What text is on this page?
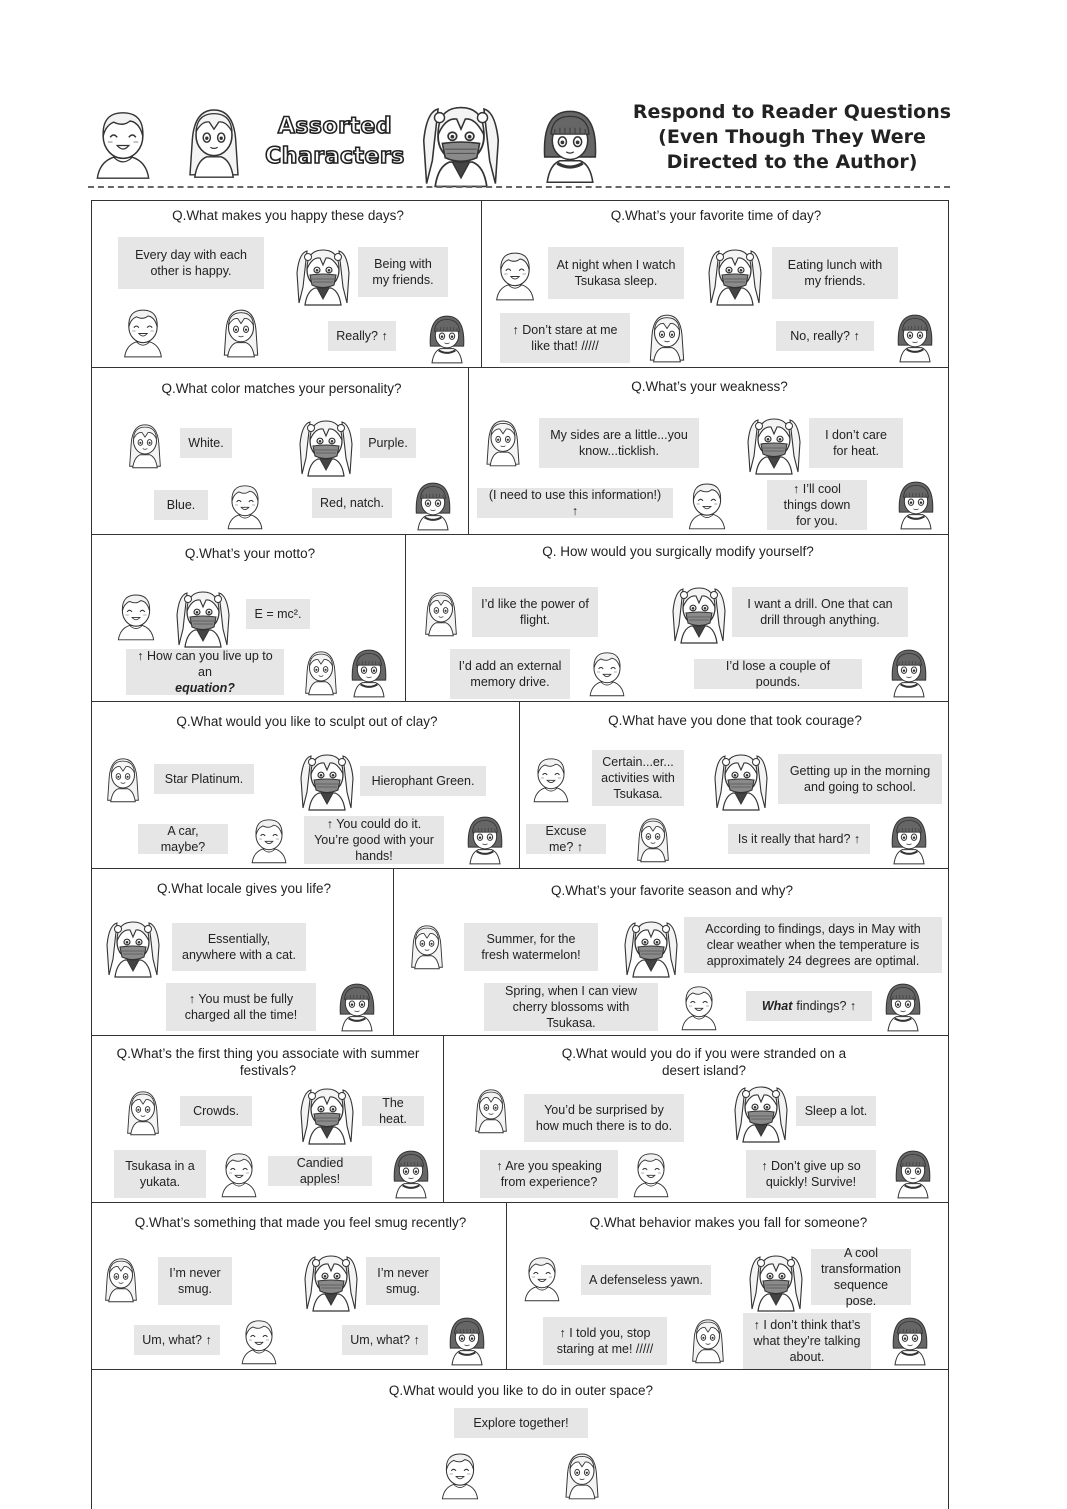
Assorted
Characters
Respond to Reader Questions
(Even Though They Were
Directed to the Author)
Q.What makes you happy these days?
Every day with each other is happy.	Being with my friends.
Really? ↑
Q.What’s your favorite time of day?
At night when I watch Tsukasa sleep.
Eating lunch with my friends.
↑ Don’t stare at me like that! /////
No, really? ↑
Q.What color matches your personality?
White.	Purple.
Blue.	Red, natch.
Q.What’s your weakness?
My sides are a little...you know...ticklish.
I don’t care for heat.
(I need to use this information!) ↑
↑ I’ll cool things down for you.
Q.What’s your motto?
E = mc².
↑ How can you live up to an
equation?
Q. How would you surgically modify yourself?
I’d like the power of flight.
I want a drill. One that can drill through anything.
I’d add an external memory drive.
I’d lose a couple of pounds.
Q.What would you like to sculpt out of clay?
Star Platinum.	Hierophant Green.
A car, maybe?
↑ You could do it. You’re good with your hands!
Q.What have you done that took courage?
Certain...er... activities with Tsukasa.
Getting up in the morning and going to school.
Excuse me? ↑
Is it really that hard? ↑
Q.What locale gives you life?
Essentially, anywhere with a cat.
↑ You must be fully charged all the time!
Q.What’s your favorite season and why?
Summer, for the fresh watermelon!
According to findings, days in May with clear weather when the temperature is approximately 24 degrees are optimal.
Spring, when I can view cherry blossoms with Tsukasa.
What findings? ↑
Q.What’s the first thing you associate with summer festivals?
Crowds.
The heat.
Tsukasa in a yukata.
Candied apples!
Q.What would you do if you were stranded on a desert island?
You’d be surprised by how much there is to do.
Sleep a lot.
↑ Are you speaking from experience?
↑ Don’t give up so quickly! Survive!
Q.What’s something that made you feel smug recently?
I’m never smug.
I’m never smug.
Um, what? ↑	Um, what? ↑
Q.What behavior makes you fall for someone?
A defenseless yawn.
A cool transformation sequence pose.
↑ I told you, stop staring at me! /////
↑ I don’t think that’s what they’re talking about.
Q.What would you like to do in outer space?
Explore together!
